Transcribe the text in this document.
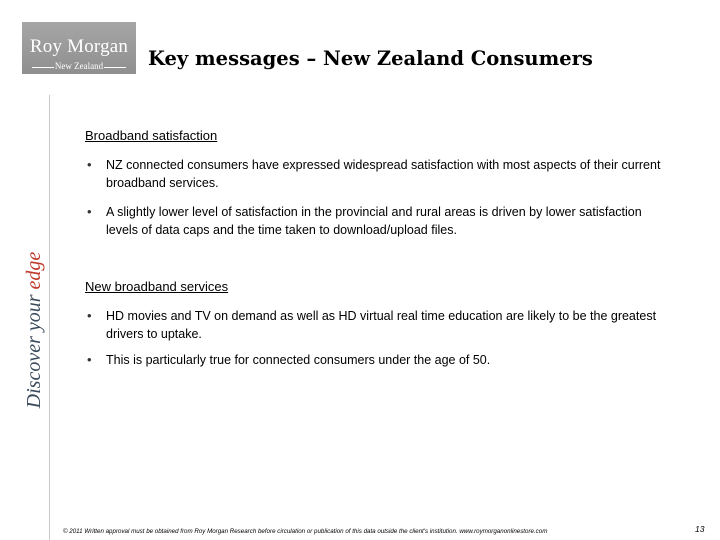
Roy Morgan
New Zealand	Key messages – New Zealand Consumers
Discover your edge
Broadband satisfaction
• NZ connected consumers have expressed widespread satisfaction with most aspects of their current broadband services.
• A slightly lower level of satisfaction in the provincial and rural areas is driven by lower satisfaction levels of data caps and the time taken to download/upload files.
New broadband services
• HD movies and TV on demand as well as HD virtual real time education are likely to be the greatest drivers to uptake.
• This is particularly true for connected consumers under the age of 50.
© 2011 Written approval must be obtained from Roy Morgan Research before circulation or publication of this data outside the client's institution. www.roymorganonlinestore.com	13
